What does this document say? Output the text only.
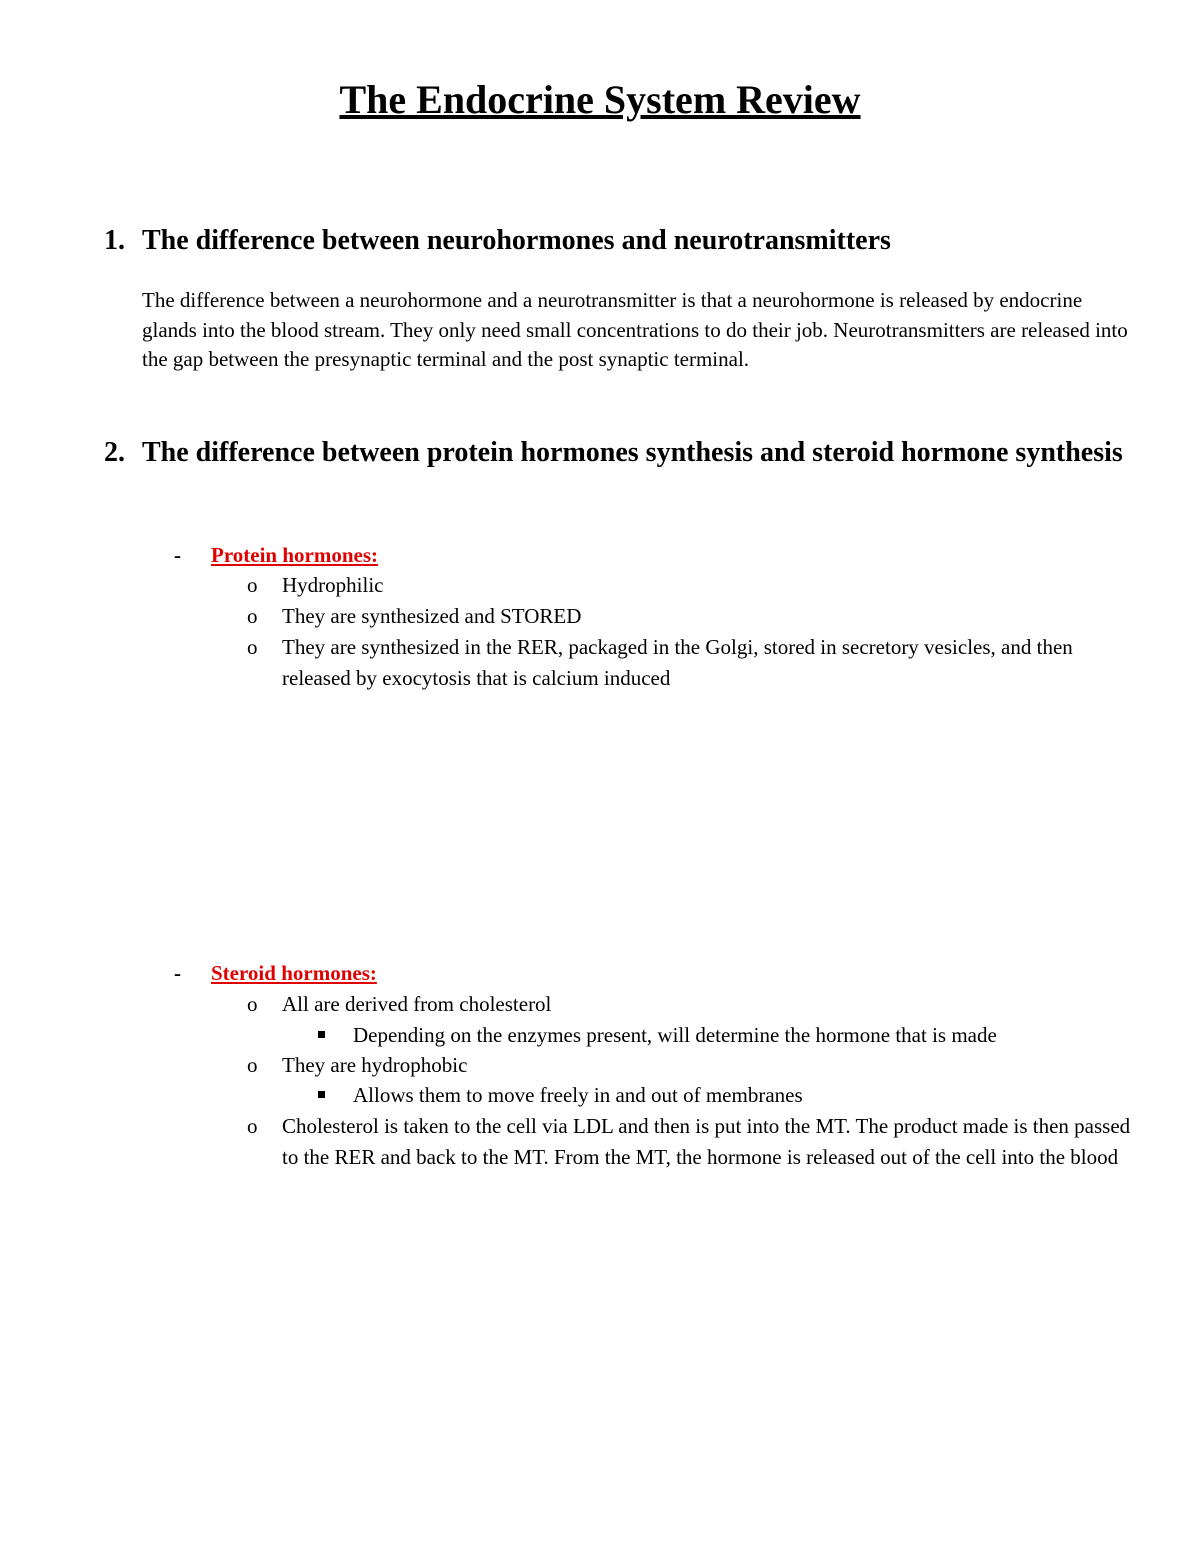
The Endocrine System Review
1. The difference between neurohormones and neurotransmitters

The difference between a neurohormone and a neurotransmitter is that a neurohormone is released by endocrine glands into the blood stream. They only need small concentrations to do their job. Neurotransmitters are released into the gap between the presynaptic terminal and the post synaptic terminal.

2. The difference between protein hormones synthesis and steroid hormone synthesis
- Protein hormones:
o Hydrophilic
o They are synthesized and STORED
o They are synthesized in the RER, packaged in the Golgi, stored in secretory vesicles, and then released by exocytosis that is calcium induced
- Steroid hormones:
o All are derived from cholesterol
Depending on the enzymes present, will determine the hormone that is made
o They are hydrophobic
Allows them to move freely in and out of membranes
o Cholesterol is taken to the cell via LDL and then is put into the MT. The product made is then passed to the RER and back to the MT. From the MT, the hormone is released out of the cell into the blood
